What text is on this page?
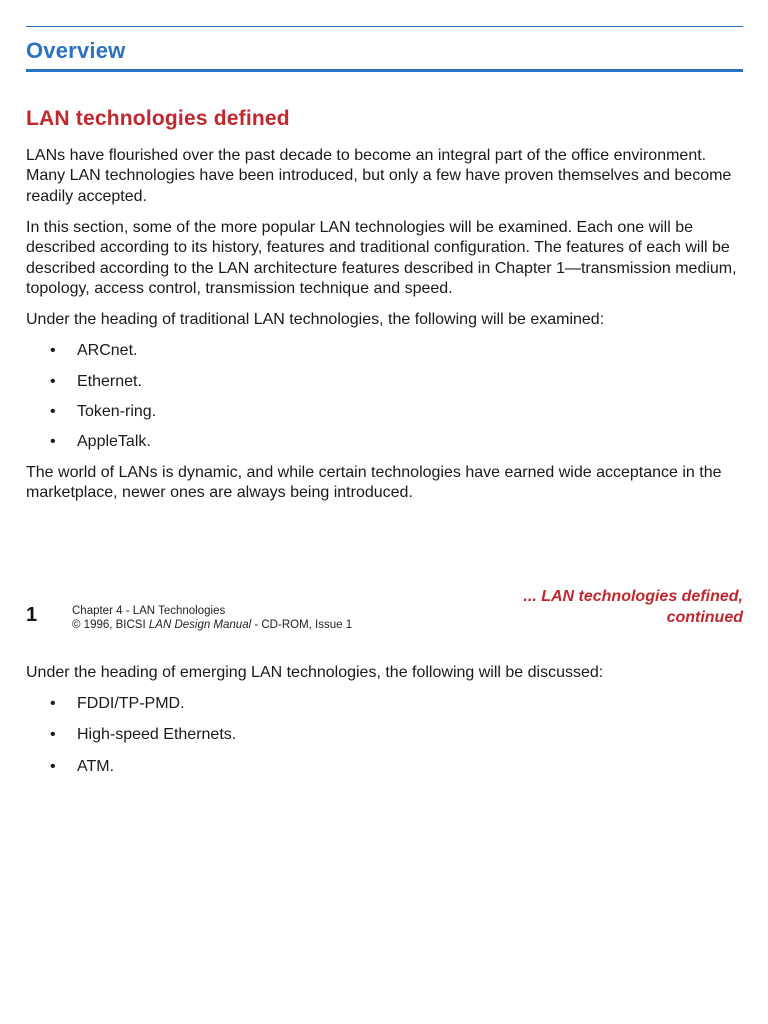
Overview
LAN technologies defined

LANs have flourished over the past decade to become an integral part of the office environment. Many LAN technologies have been introduced, but only a few have proven themselves and become readily accepted.

In this section, some of the more popular LAN technologies will be examined. Each one will be described according to its history, features and traditional configuration. The features of each will be described according to the LAN architecture features described in Chapter 1—transmission medium, topology, access control, transmission technique and speed.

Under the heading of traditional LAN technologies, the following will be examined:

• ARCnet.
• Ethernet.
• Token-ring.
• AppleTalk.

The world of LANs is dynamic, and while certain technologies have earned wide acceptance in the marketplace, newer ones are always being introduced.

1	Chapter 4 - LAN Technologies
© 1996, BICSI LAN Design Manual - CD-ROM, Issue 1
... LAN technologies defined,
continued

Under the heading of emerging LAN technologies, the following will be discussed:

• FDDI/TP-PMD.
• High-speed Ethernets.
• ATM.
